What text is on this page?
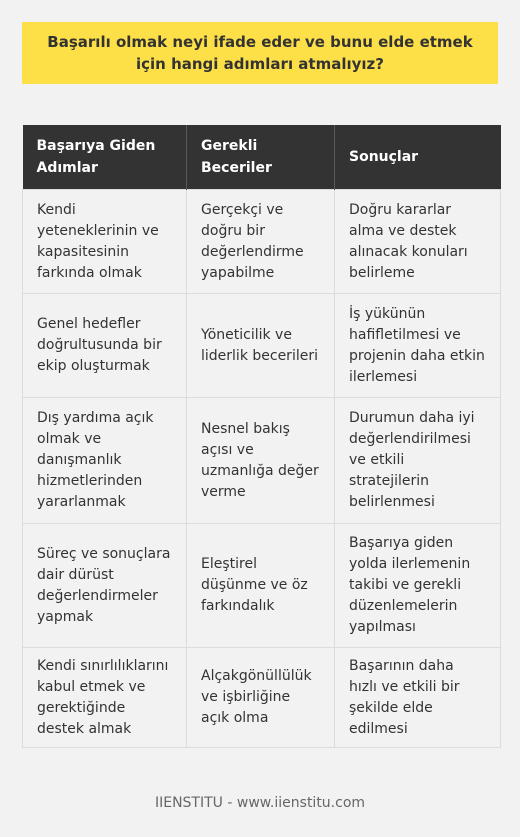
Başarılı olmak neyi ifade eder ve bunu elde etmek için hangi adımları atmalıyız?
Başarıya Giden Adımlar	Gerekli Beceriler	Sonuçlar
Kendi yeteneklerinin ve kapasitesinin farkında olmak	Gerçekçi ve doğru bir değerlendirme yapabilme	Doğru kararlar alma ve destek alınacak konuları belirleme
Genel hedefler doğrultusunda bir ekip oluşturmak	Yöneticilik ve liderlik becerileri	İş yükünün hafifletilmesi ve projenin daha etkin ilerlemesi
Dış yardıma açık olmak ve danışmanlık hizmetlerinden yararlanmak	Nesnel bakış açısı ve uzmanlığa değer verme	Durumun daha iyi değerlendirilmesi ve etkili stratejilerin belirlenmesi
Süreç ve sonuçlara dair dürüst değerlendirmeler yapmak	Eleştirel düşünme ve öz farkındalık	Başarıya giden yolda ilerlemenin takibi ve gerekli düzenlemelerin yapılması
Kendi sınırlılıklarını kabul etmek ve gerektiğinde destek almak	Alçakgönüllülük ve işbirliğine açık olma	Başarının daha hızlı ve etkili bir şekilde elde edilmesi
IIENSTITU - www.iienstitu.com
